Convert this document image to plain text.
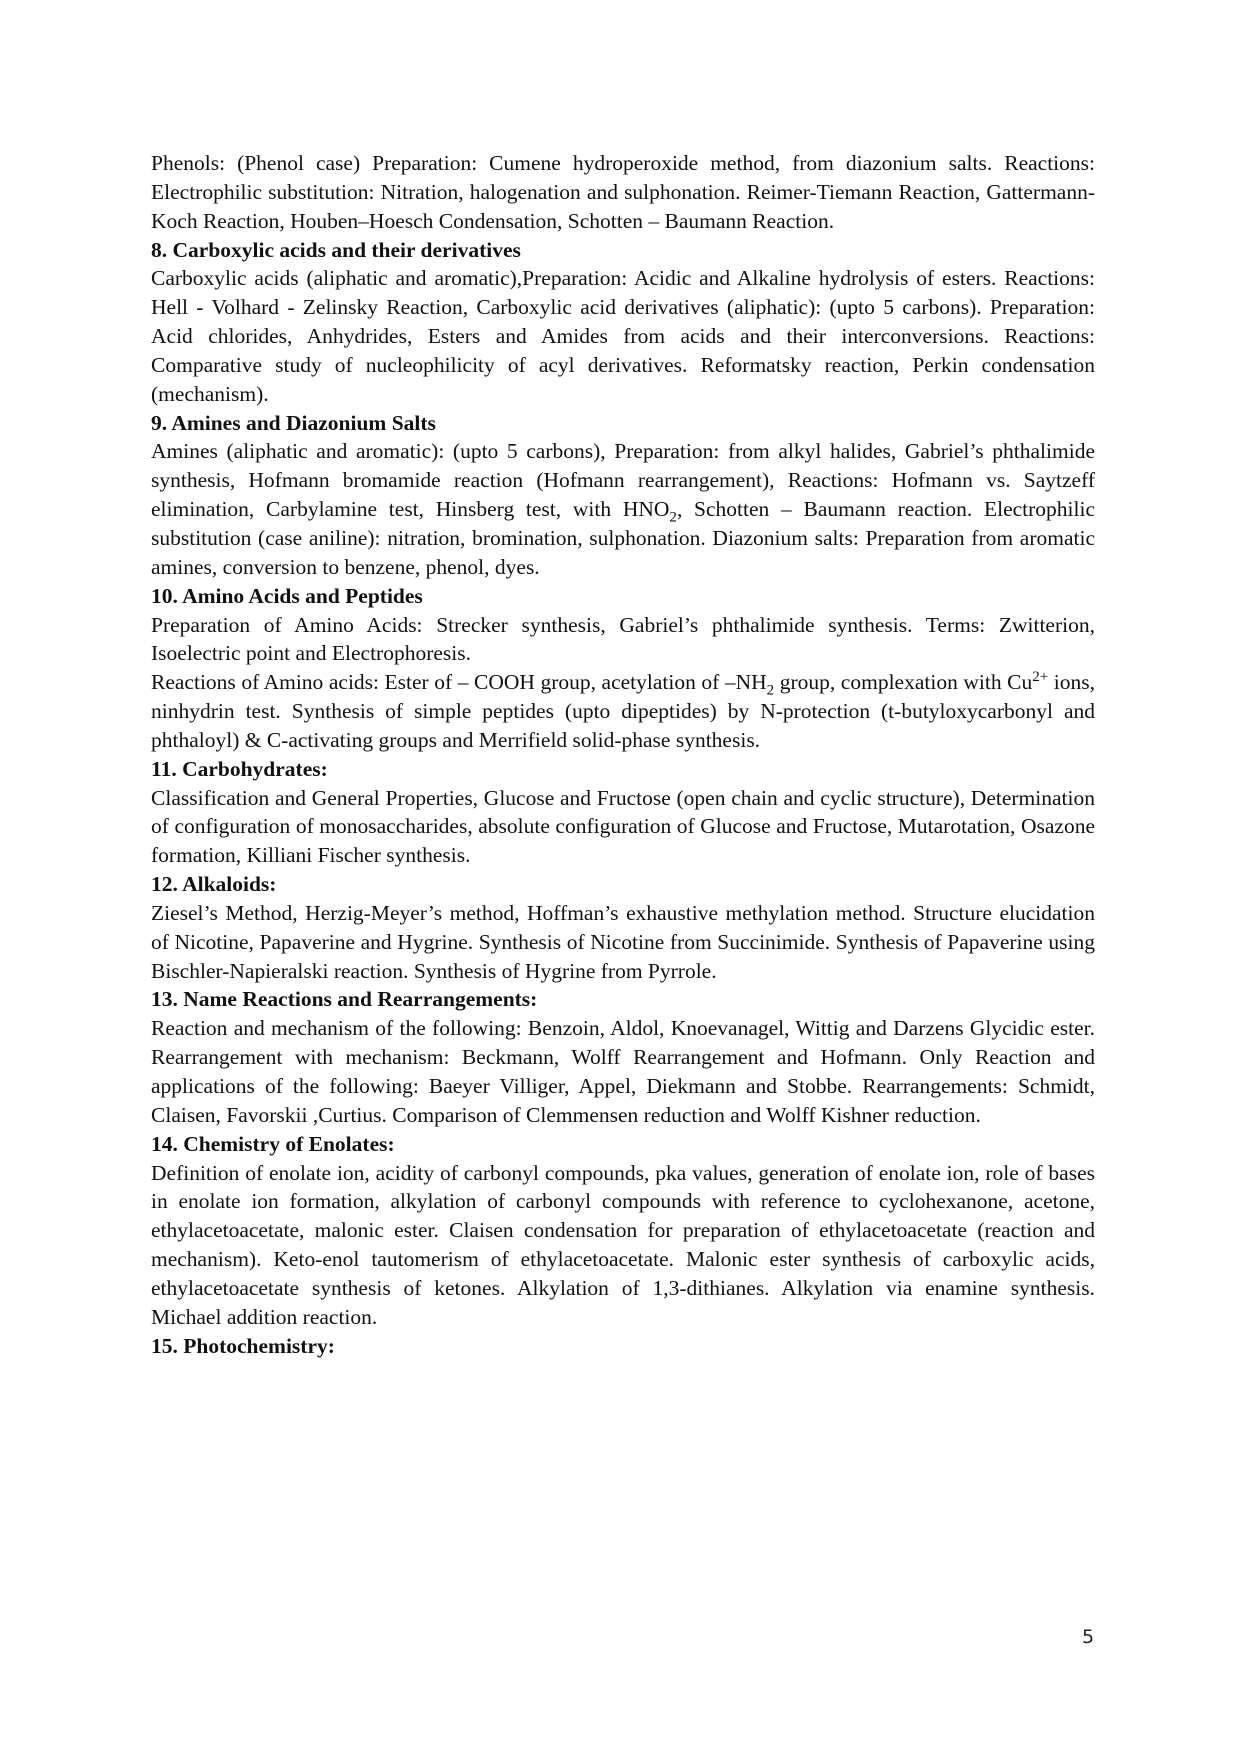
Phenols: (Phenol case) Preparation: Cumene hydroperoxide method, from diazonium salts. Reactions: Electrophilic substitution: Nitration, halogenation and sulphonation. Reimer-Tiemann Reaction, Gattermann-Koch Reaction, Houben–Hoesch Condensation, Schotten – Baumann Reaction.

8. Carboxylic acids and their derivatives

Carboxylic acids (aliphatic and aromatic),Preparation: Acidic and Alkaline hydrolysis of esters. Reactions: Hell - Volhard - Zelinsky Reaction, Carboxylic acid derivatives (aliphatic): (upto 5 carbons). Preparation: Acid chlorides, Anhydrides, Esters and Amides from acids and their interconversions. Reactions: Comparative study of nucleophilicity of acyl derivatives. Reformatsky reaction, Perkin condensation (mechanism).

9. Amines and Diazonium Salts

Amines (aliphatic and aromatic): (upto 5 carbons), Preparation: from alkyl halides, Gabriel’s phthalimide synthesis, Hofmann bromamide reaction (Hofmann rearrangement), Reactions: Hofmann vs. Saytzeff elimination, Carbylamine test, Hinsberg test, with $HNO_2$, Schotten – Baumann reaction. Electrophilic substitution (case aniline): nitration, bromination, sulphonation. Diazonium salts: Preparation from aromatic amines, conversion to benzene, phenol, dyes.

10. Amino Acids and Peptides

Preparation of Amino Acids: Strecker synthesis, Gabriel’s phthalimide synthesis. Terms: Zwitterion, Isoelectric point and Electrophoresis.

Reactions of Amino acids: Ester of – COOH group, acetylation of $-NH_2$ group, complexation with $Cu^{2+}$ ions, ninhydrin test. Synthesis of simple peptides (upto dipeptides) by N-protection (t-butyloxycarbonyl and phthaloyl) & C-activating groups and Merrifield solid-phase synthesis.

11. Carbohydrates:

Classification and General Properties, Glucose and Fructose (open chain and cyclic structure), Determination of configuration of monosaccharides, absolute configuration of Glucose and Fructose, Mutarotation, Osazone formation, Killiani Fischer synthesis.

12. Alkaloids:

Ziesel’s Method, Herzig-Meyer’s method, Hoffman’s exhaustive methylation method. Structure elucidation of Nicotine, Papaverine and Hygrine. Synthesis of Nicotine from Succinimide. Synthesis of Papaverine using Bischler-Napieralski reaction. Synthesis of Hygrine from Pyrrole.

13. Name Reactions and Rearrangements:

Reaction and mechanism of the following: Benzoin, Aldol, Knoevanagel, Wittig and Darzens Glycidic ester. Rearrangement with mechanism: Beckmann, Wolff Rearrangement and Hofmann. Only Reaction and applications of the following: Baeyer Villiger, Appel, Diekmann and Stobbe. Rearrangements: Schmidt, Claisen, Favorskii ,Curtius. Comparison of Clemmensen reduction and Wolff Kishner reduction.

14. Chemistry of Enolates:

Definition of enolate ion, acidity of carbonyl compounds, pka values, generation of enolate ion, role of bases in enolate ion formation, alkylation of carbonyl compounds with reference to cyclohexanone, acetone, ethylacetoacetate, malonic ester. Claisen condensation for preparation of ethylacetoacetate (reaction and mechanism). Keto-enol tautomerism of ethylacetoacetate. Malonic ester synthesis of carboxylic acids, ethylacetoacetate synthesis of ketones. Alkylation of 1,3-dithianes. Alkylation via enamine synthesis. Michael addition reaction.

15. Photochemistry:

5
